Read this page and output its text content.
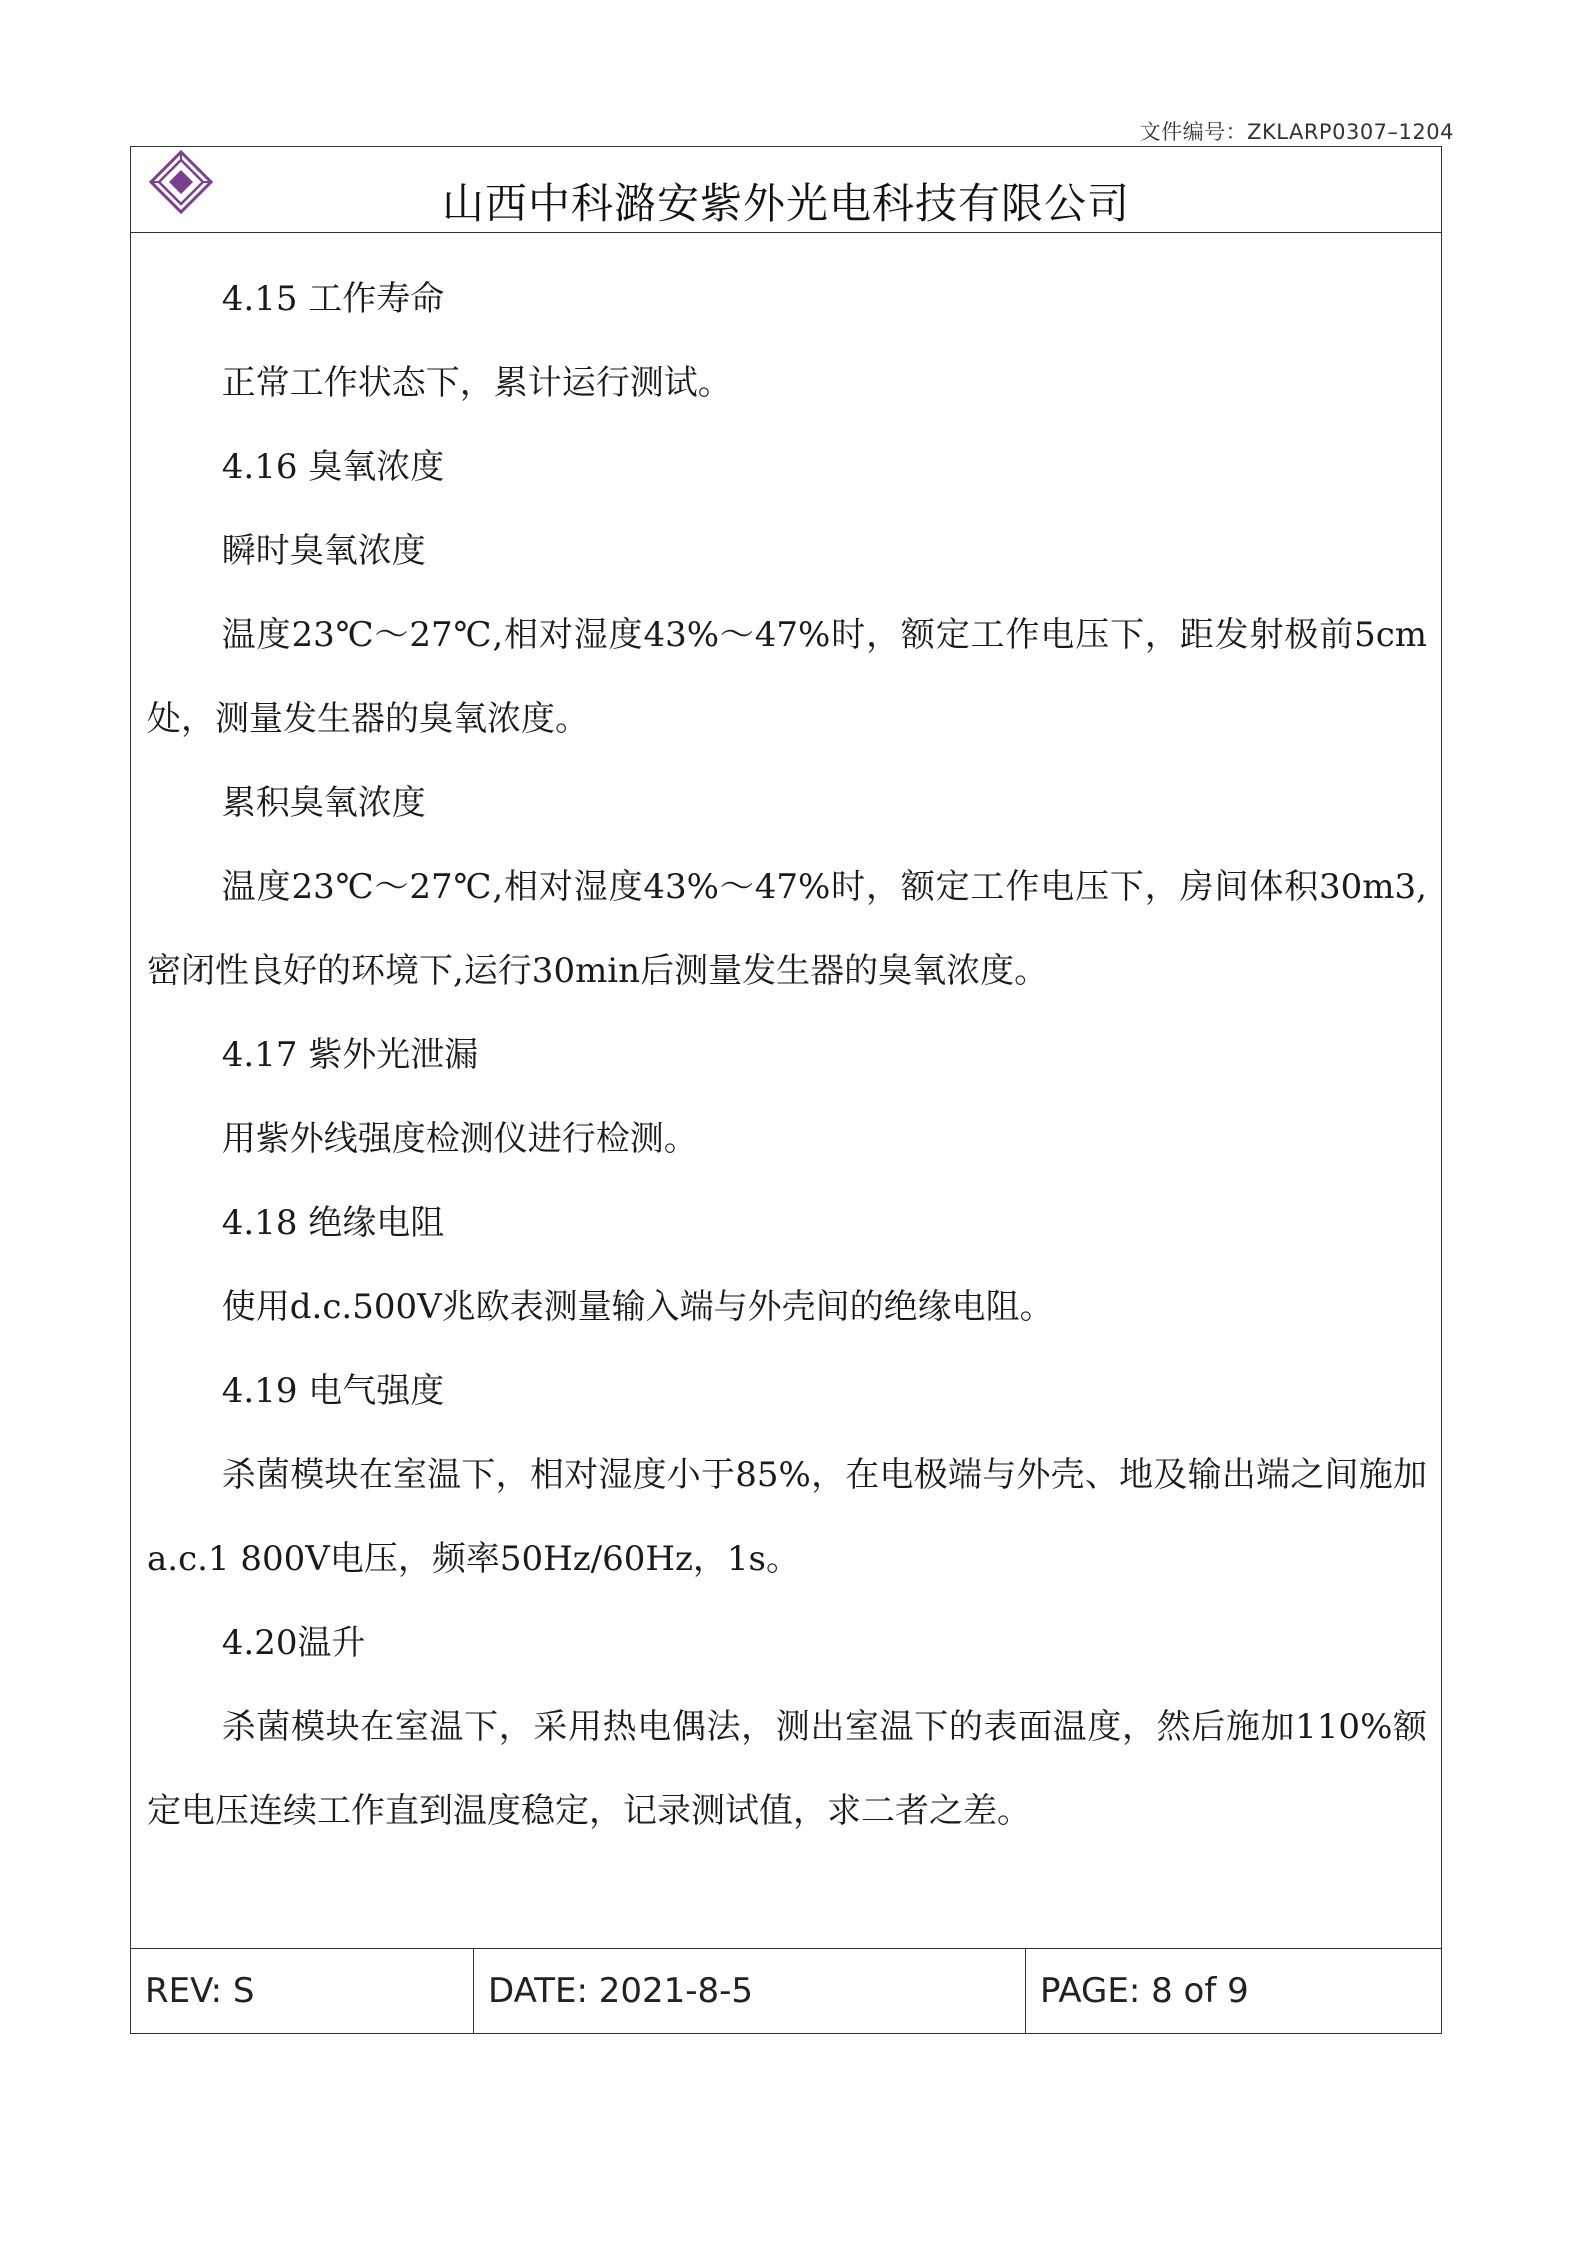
文件编号：ZKLARP0307–1204
山西中科潞安紫外光电科技有限公司

4.15 工作寿命

正常工作状态下，累计运行测试。

4.16 臭氧浓度

瞬时臭氧浓度

温度23℃～27℃,相对湿度43%～47%时，额定工作电压下，距发射极前5cm处，测量发生器的臭氧浓度。

累积臭氧浓度

温度23℃～27℃,相对湿度43%～47%时，额定工作电压下，房间体积30m3,密闭性良好的环境下,运行30min后测量发生器的臭氧浓度。

4.17 紫外光泄漏

用紫外线强度检测仪进行检测。

4.18 绝缘电阻

使用d.c.500V兆欧表测量输入端与外壳间的绝缘电阻。

4.19 电气强度

杀菌模块在室温下，相对湿度小于85%，在电极端与外壳、地及输出端之间施加a.c.1 800V电压，频率50Hz/60Hz，1s。

4.20温升

杀菌模块在室温下，采用热电偶法，测出室温下的表面温度，然后施加110%额定电压连续工作直到温度稳定，记录测试值，求二者之差。

REV: S	DATE: 2021-8-5	PAGE: 8 of 9
